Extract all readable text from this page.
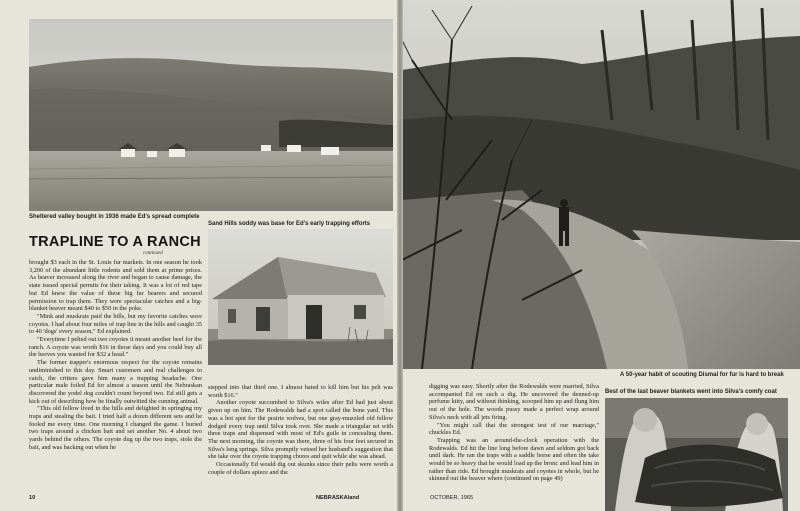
Sheltered valley bought in 1936 made Ed's spread complete
Sand Hills soddy was base for Ed's early trapping efforts
TRAPLINE TO A RANCH
continued

brought $3 each in the St. Louis fur markets. In one season he took 3,200 of the abundant little rodents and sold them at prime prices. As beaver increased along the river and began to cause damage, the state issued special permits for their taking. It was a lot of red tape but Ed knew the value of these big fur bearers and secured permission to trap them. They were spectacular catches and a big-blanket beaver meant $40 to $50 in the poke.

"Mink and muskrats paid the bills, but my favorite catches were coyotes. I had about four miles of trap line in the hills and caught 35 to 40 'dogs' every season," Ed explained.

"Everytime I pelted out two coyotes it meant another beef for the ranch. A coyote was worth $16 in those days and you could buy all the beeves you wanted for $32 a head."

The former trapper's enormous respect for the coyote remains undiminished to this day. Smart customers and real challenges to catch, the critters gave him many a trapping headache. One particular male foiled Ed for almost a season until the Nebraskan discovered the yodel dog couldn't count beyond two. Ed still gets a kick out of describing how he finally outwitted the cunning animal.

"This old fellow lived in the hills and delighted in springing my traps and stealing the bait. I tried half a dozen different sets and he fooled me every time. One morning I changed the game. I buried two traps around a chicken bait and set another No. 4 about two yards behind the others. The coyote dug up the two traps, stole the bait, and was backing out when he

stepped into that third one. I almost hated to kill him but his pelt was worth $16."

Another coyote succumbed to Silva's wiles after Ed had just about given up on him. The Rodewalds had a spot called the bone yard. This was a hot spot for the prairie wolves, but one gray-muzzled old fellow dodged every trap until Silva took over. She made a triangular set with three traps and dispensed with most of Ed's guile in concealing them. The next morning, the coyote was there, three of his four feet secured in Silva's long springs. Silva promptly vetoed her husband's suggestion that she take over the coyote trapping chores and quit while she was ahead.

Occasionally Ed would dig out skunks since their pelts were worth a couple of dollars apiece and the

10	NEBRASKAland
A 50-year habit of scouting Dismal for fur is hard to break
Best of the last beaver blankets went into Silva's comfy coat

digging was easy. Shortly after the Rodewalds were married, Silva accompanied Ed on such a dig. He uncovered the denned-up perfume kitty, and without thinking, scooped him up and flung him out of the hole. The woods pussy made a perfect wrap around Silva's neck with all jets firing.

"You might call that the strongest test of our marriage," chuckles Ed.

Trapping was an around-the-clock operation with the Rodewalds. Ed hit the line long before dawn and seldom got back until dark. He ran the traps with a saddle horse and often the take would be so heavy that he would load up the bronc and lead him in rather than ride. Ed brought muskrats and coyotes in whole, but he skinned out the beaver where (continued on page 49)

OCTOBER, 1965
